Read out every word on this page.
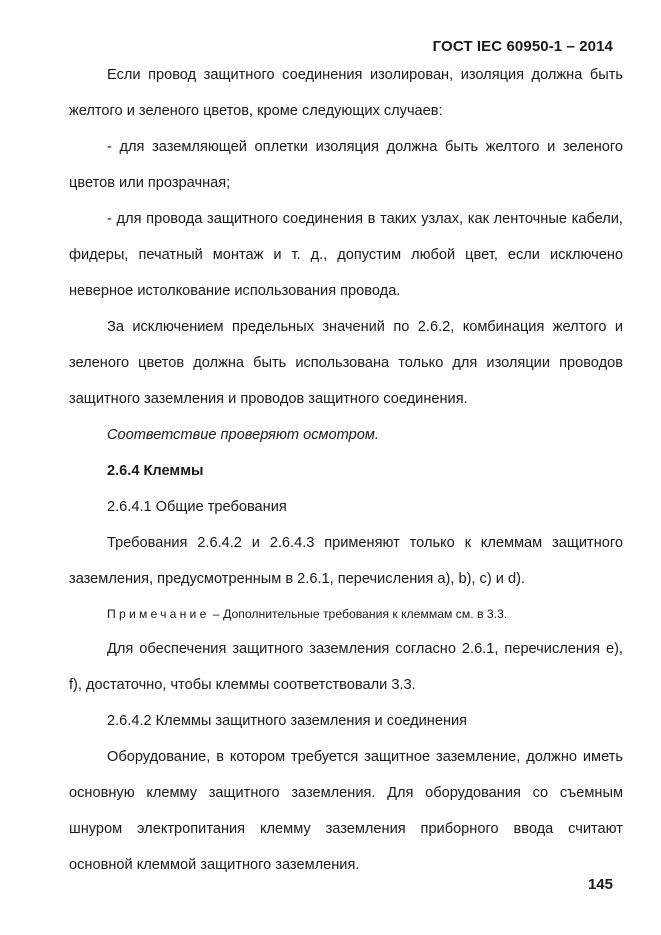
ГОСТ IEC 60950-1 – 2014

Если провод защитного соединения изолирован, изоляция должна быть желтого и зеленого цветов, кроме следующих случаев:

- для заземляющей оплетки изоляция должна быть желтого и зеленого цветов или прозрачная;

- для провода защитного соединения в таких узлах, как ленточные кабели, фидеры, печатный монтаж и т. д., допустим любой цвет, если исключено неверное истолкование использования провода.

За исключением предельных значений по 2.6.2, комбинация желтого и зеленого цветов должна быть использована только для изоляции проводов защитного заземления и проводов защитного соединения.

Соответствие проверяют осмотром.

2.6.4 Клеммы

2.6.4.1 Общие требования

Требования 2.6.4.2 и 2.6.4.3 применяют только к клеммам защитного заземления, предусмотренным в 2.6.1, перечисления a), b), c) и d).

Примечание – Дополнительные требования к клеммам см. в 3.3.

Для обеспечения защитного заземления согласно 2.6.1, перечисления e), f), достаточно, чтобы клеммы соответствовали 3.3.

2.6.4.2 Клеммы защитного заземления и соединения

Оборудование, в котором требуется защитное заземление, должно иметь основную клемму защитного заземления. Для оборудования со съемным шнуром электропитания клемму заземления приборного ввода считают основной клеммой защитного заземления.

145
